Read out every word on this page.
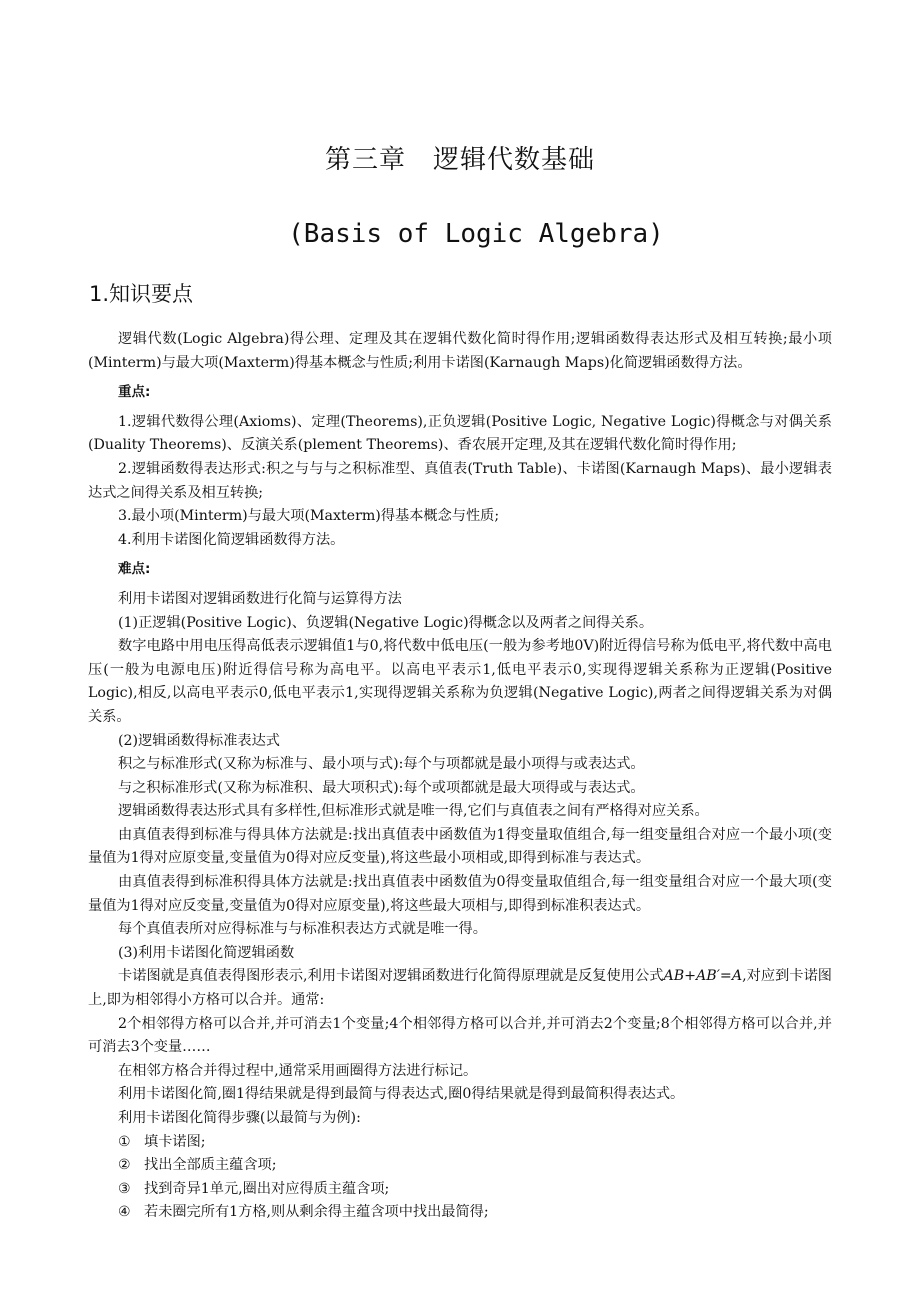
第三章　逻辑代数基础
(Basis of Logic Algebra)
1.知识要点

逻辑代数(Logic Algebra)得公理、定理及其在逻辑代数化简时得作用;逻辑函数得表达形式及相互转换;最小项(Minterm)与最大项(Maxterm)得基本概念与性质;利用卡诺图(Karnaugh Maps)化简逻辑函数得方法。

重点:

1.逻辑代数得公理(Axioms)、定理(Theorems),正负逻辑(Positive Logic, Negative Logic)得概念与对偶关系(Duality Theorems)、反演关系(plement Theorems)、香农展开定理,及其在逻辑代数化简时得作用;

2.逻辑函数得表达形式:积之与与与之积标准型、真值表(Truth Table)、卡诺图(Karnaugh Maps)、最小逻辑表达式之间得关系及相互转换;

3.最小项(Minterm)与最大项(Maxterm)得基本概念与性质;

4.利用卡诺图化简逻辑函数得方法。

难点:

利用卡诺图对逻辑函数进行化简与运算得方法

(1)正逻辑(Positive Logic)、负逻辑(Negative Logic)得概念以及两者之间得关系。

数字电路中用电压得高低表示逻辑值1与0,将代数中低电压(一般为参考地0V)附近得信号称为低电平,将代数中高电压(一般为电源电压)附近得信号称为高电平。以高电平表示1,低电平表示0,实现得逻辑关系称为正逻辑(Positive Logic),相反,以高电平表示0,低电平表示1,实现得逻辑关系称为负逻辑(Negative Logic),两者之间得逻辑关系为对偶关系。

(2)逻辑函数得标准表达式

积之与标准形式(又称为标准与、最小项与式):每个与项都就是最小项得与或表达式。

与之积标准形式(又称为标准积、最大项积式):每个或项都就是最大项得或与表达式。

逻辑函数得表达形式具有多样性,但标准形式就是唯一得,它们与真值表之间有严格得对应关系。

由真值表得到标准与得具体方法就是:找出真值表中函数值为1得变量取值组合,每一组变量组合对应一个最小项(变量值为1得对应原变量,变量值为0得对应反变量),将这些最小项相或,即得到标准与表达式。

由真值表得到标准积得具体方法就是:找出真值表中函数值为0得变量取值组合,每一组变量组合对应一个最大项(变量值为1得对应反变量,变量值为0得对应原变量),将这些最大项相与,即得到标准积表达式。

每个真值表所对应得标准与与标准积表达方式就是唯一得。

(3)利用卡诺图化简逻辑函数

卡诺图就是真值表得图形表示,利用卡诺图对逻辑函数进行化简得原理就是反复使用公式AB+AB′=A,对应到卡诺图上,即为相邻得小方格可以合并。通常:

2个相邻得方格可以合并,并可消去1个变量;4个相邻得方格可以合并,并可消去2个变量;8个相邻得方格可以合并,并可消去3个变量……

在相邻方格合并得过程中,通常采用画圈得方法进行标记。

利用卡诺图化简,圈1得结果就是得到最简与得表达式,圈0得结果就是得到最简积得表达式。

利用卡诺图化简得步骤(以最简与为例):

① 填卡诺图;

② 找出全部质主蕴含项;

③ 找到奇异1单元,圈出对应得质主蕴含项;

④ 若未圈完所有1方格,则从剩余得主蕴含项中找出最简得;
